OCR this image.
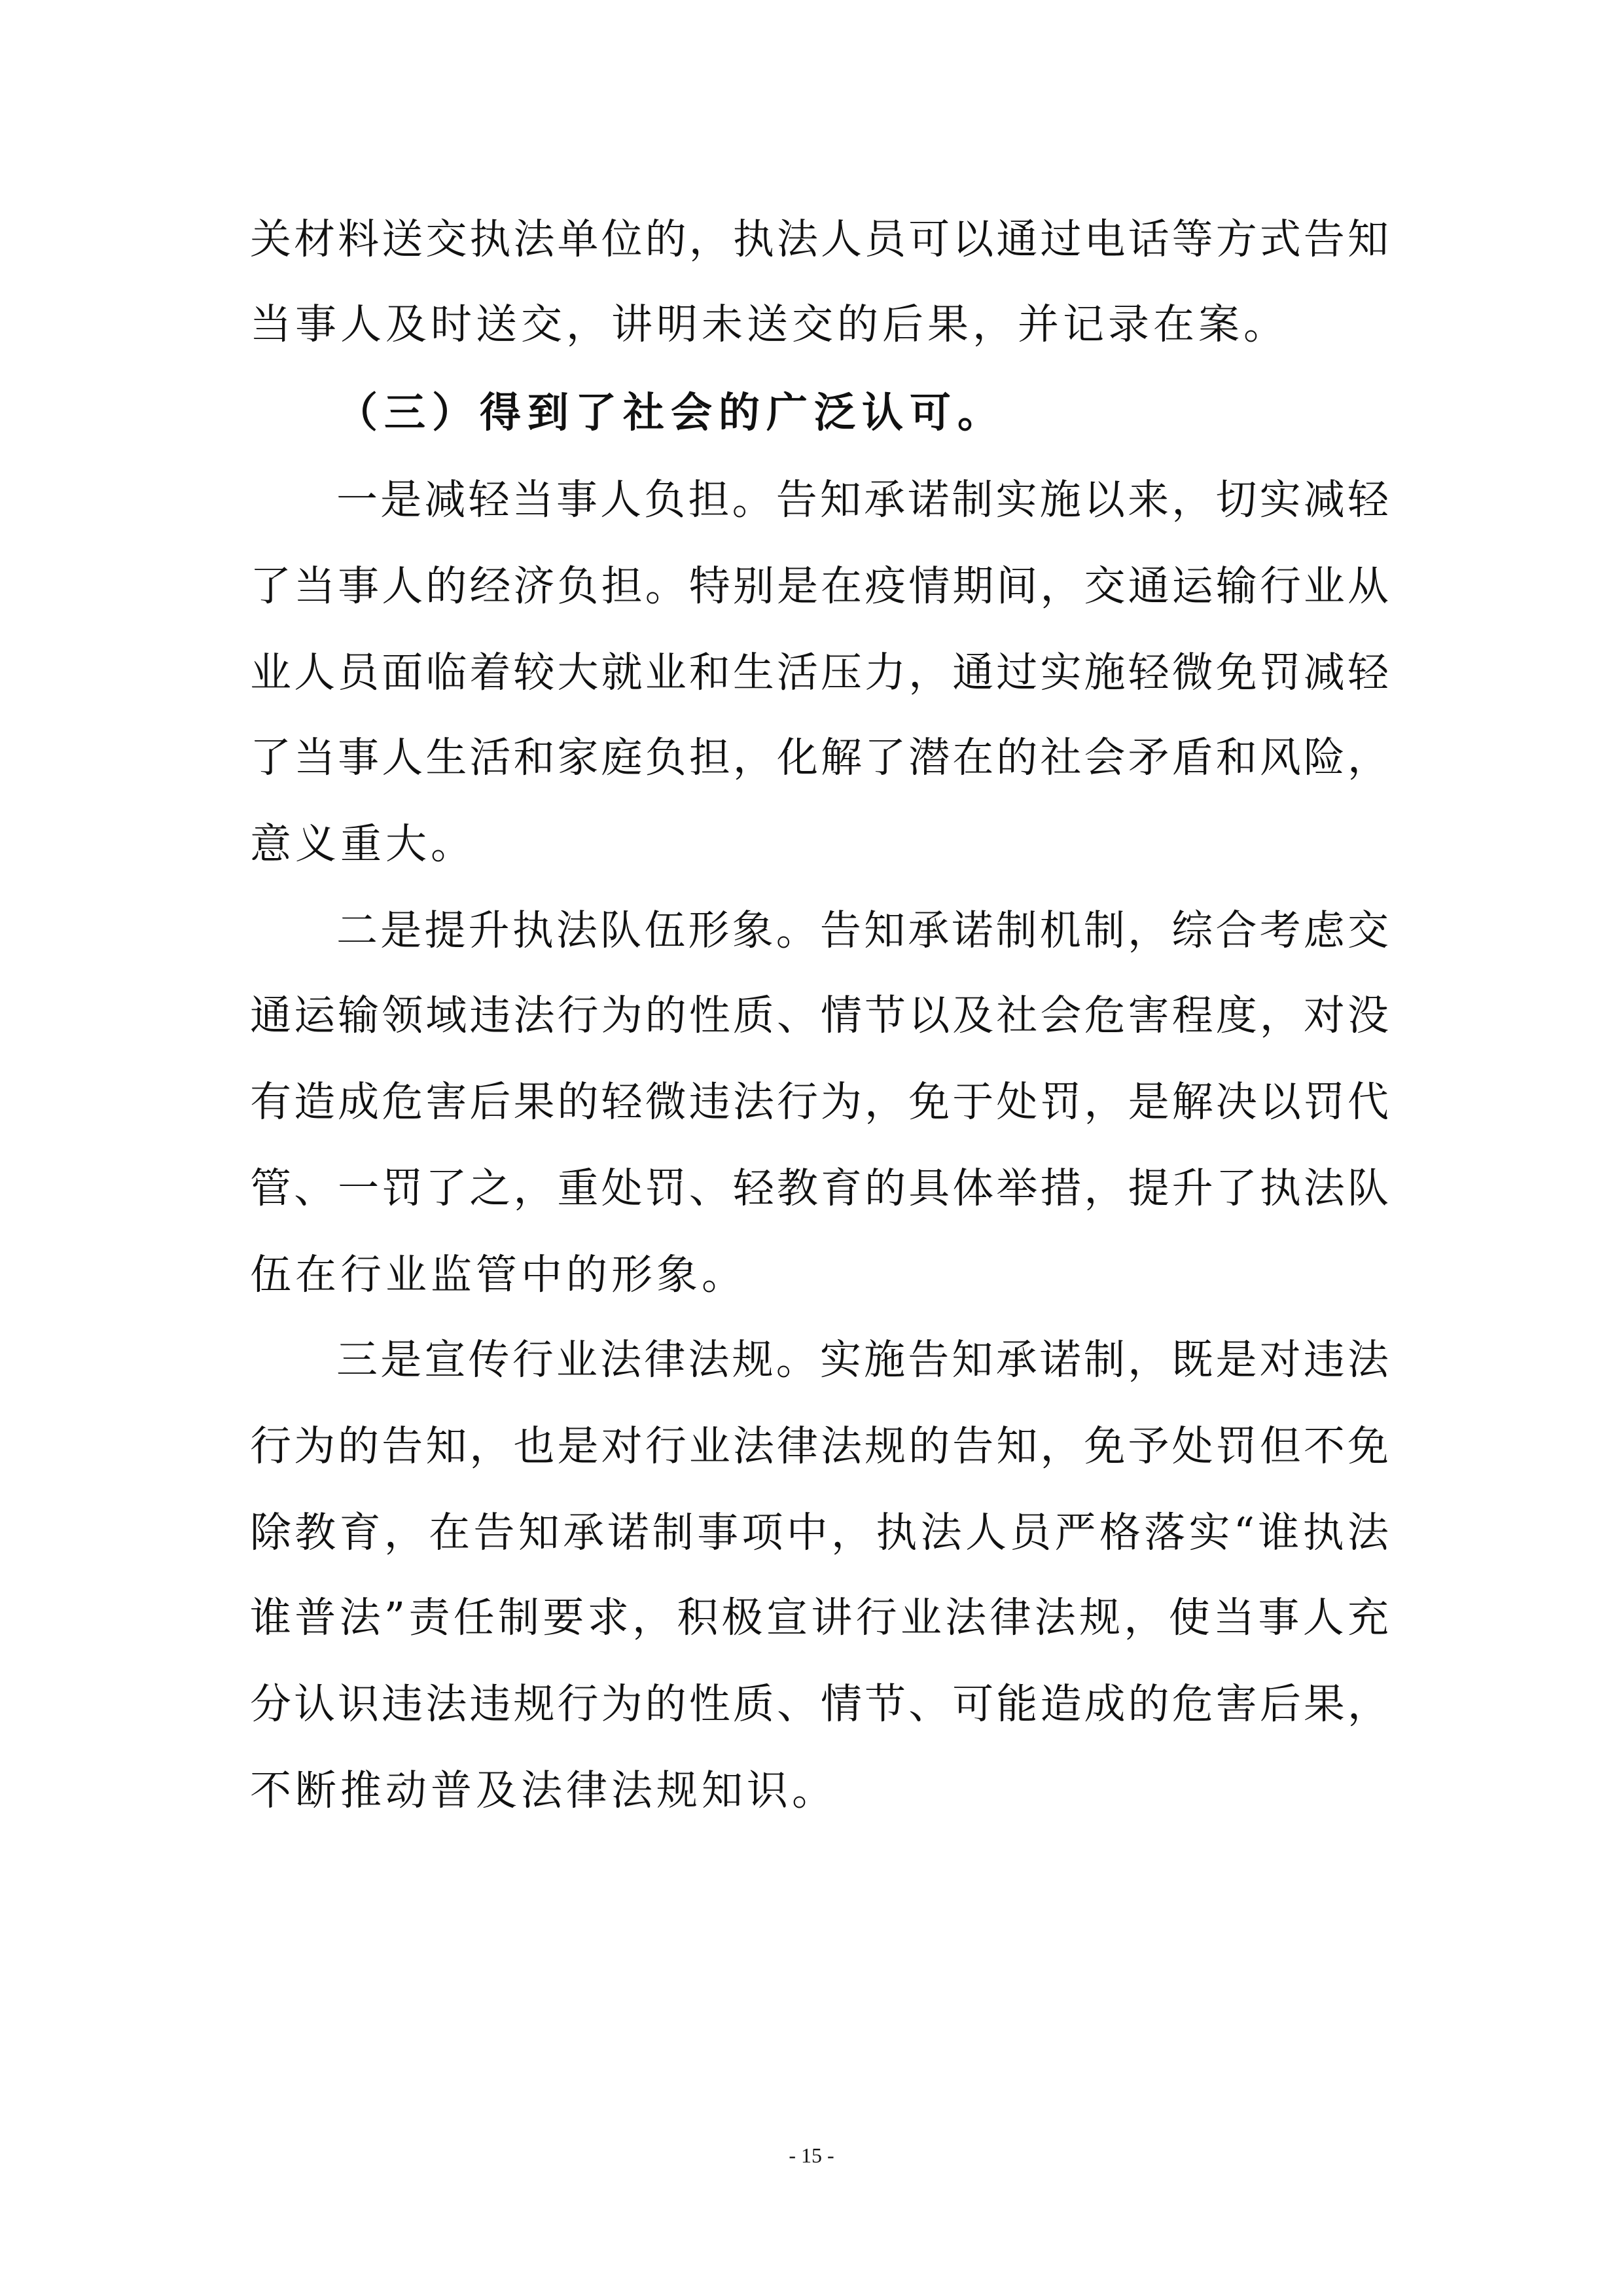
关材料送交执法单位的，执法人员可以通过电话等方式告知
当事人及时送交，讲明未送交的后果，并记录在案。
（三）得到了社会的广泛认可。
一是减轻当事人负担。告知承诺制实施以来，切实减轻
了当事人的经济负担。特别是在疫情期间，交通运输行业从
业人员面临着较大就业和生活压力，通过实施轻微免罚减轻
了当事人生活和家庭负担，化解了潜在的社会矛盾和风险，
意义重大。
二是提升执法队伍形象。告知承诺制机制，综合考虑交
通运输领域违法行为的性质、情节以及社会危害程度，对没
有造成危害后果的轻微违法行为，免于处罚，是解决以罚代
管、一罚了之，重处罚、轻教育的具体举措，提升了执法队
伍在行业监管中的形象。
三是宣传行业法律法规。实施告知承诺制，既是对违法
行为的告知，也是对行业法律法规的告知，免予处罚但不免
除教育，在告知承诺制事项中，执法人员严格落实“谁执法
谁普法”责任制要求，积极宣讲行业法律法规，使当事人充
分认识违法违规行为的性质、情节、可能造成的危害后果，
不断推动普及法律法规知识。
- 15 -
